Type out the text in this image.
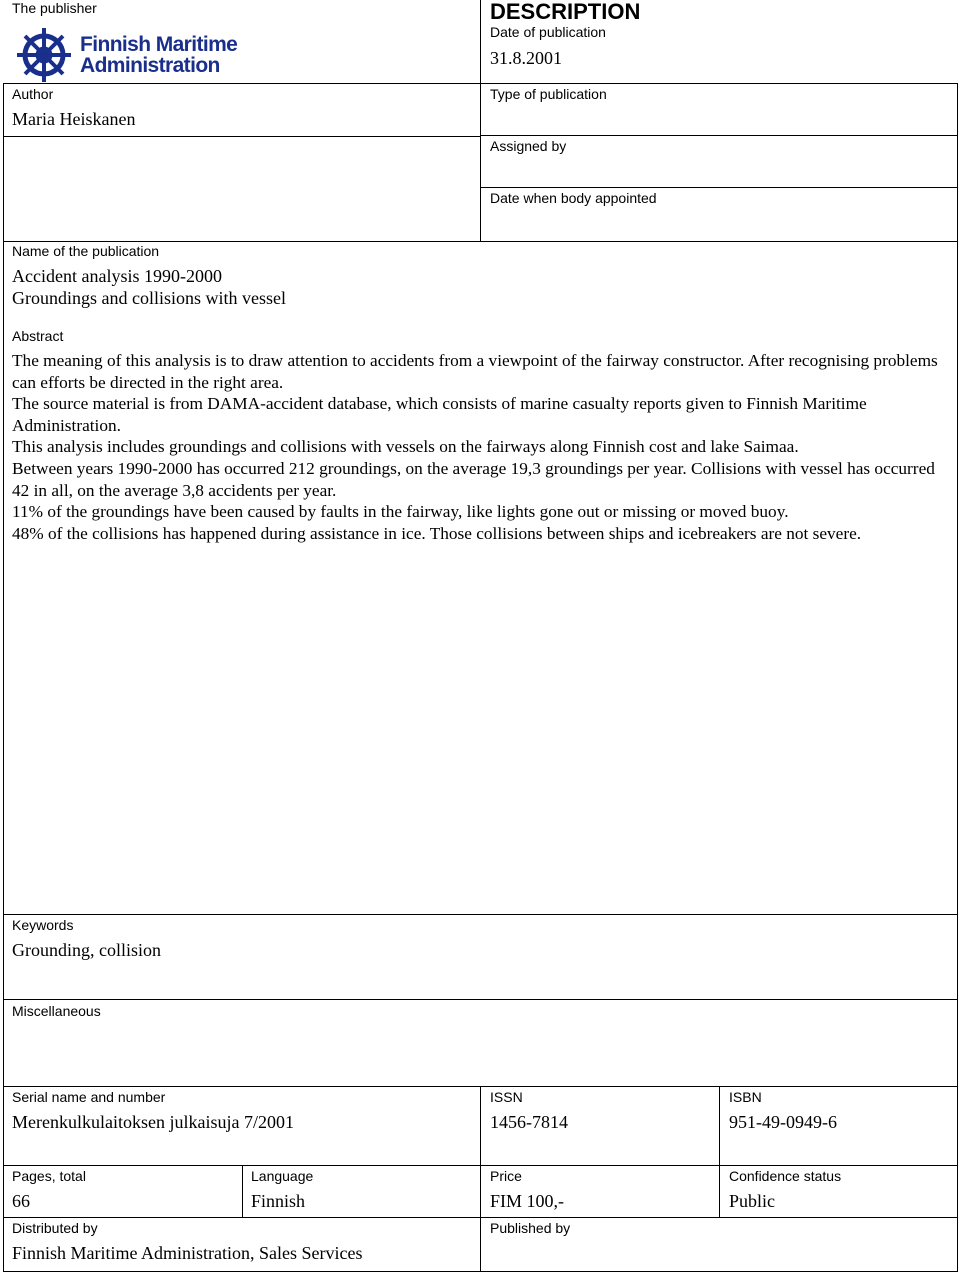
The publisher
Finnish Maritime
Administration
DESCRIPTION
Date of publication
31.8.2001
Type of publication
Assigned by
Date when body appointed
Author
Maria Heiskanen
Name of the publication
Accident analysis 1990-2000
Groundings and collisions with vessel
Abstract

The meaning of this analysis is to draw attention to accidents from a viewpoint of the fairway constructor. After recognising problems can efforts be directed in the right area.

The source material is from DAMA-accident database, which consists of marine casualty reports given to Finnish Maritime Administration.

This analysis includes groundings and collisions with vessels on the fairways along Finnish cost and lake Saimaa.

Between years 1990-2000 has occurred 212 groundings, on the average 19,3 groundings per year. Collisions with vessel has occurred 42 in all, on the average 3,8 accidents per year.

11% of the groundings have been caused by faults in the fairway, like lights gone out or missing or moved buoy.

48% of the collisions has happened during assistance in ice. Those collisions between ships and icebreakers are not severe.

Keywords
Grounding, collision
Miscellaneous
Serial name and number
Merenkulkulaitoksen julkaisuja 7/2001
ISSN
1456-7814
ISBN
951-49-0949-6
Pages, total
66
Language
Finnish
Price
FIM 100,-
Confidence status
Public
Distributed by
Finnish Maritime Administration, Sales Services
Published by
